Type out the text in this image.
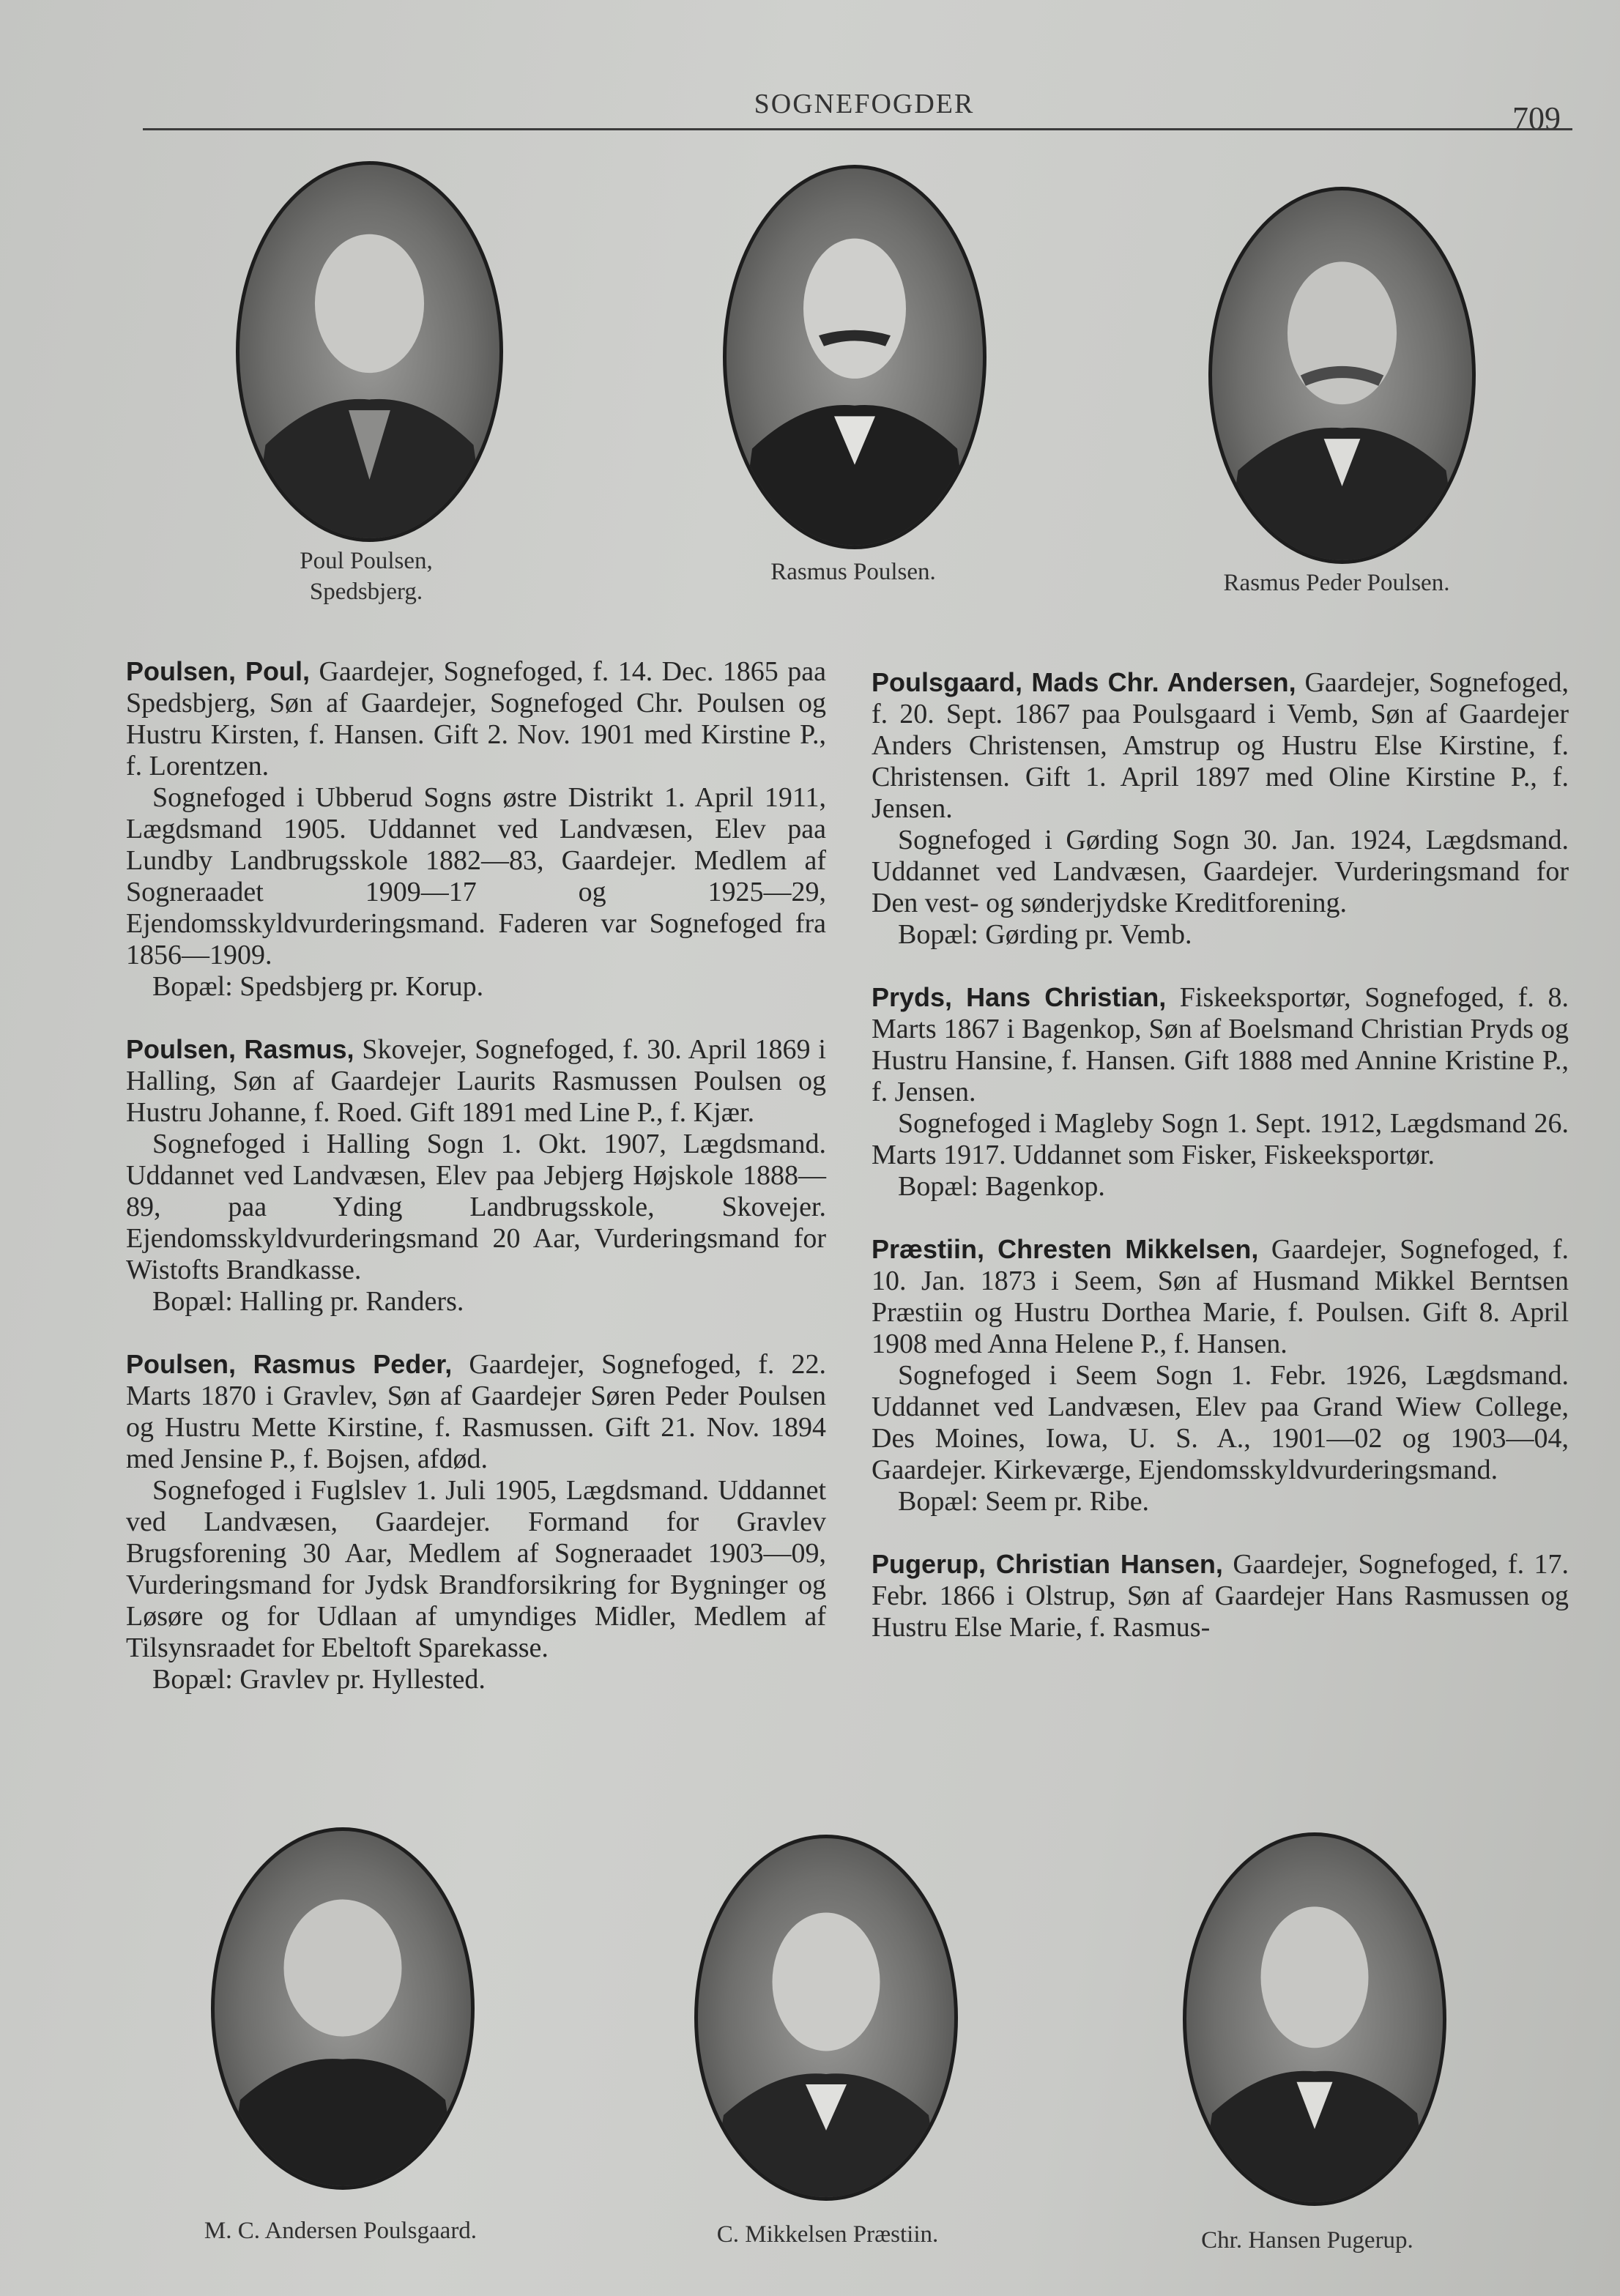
SOGNEFOGDER	709
Poul Poulsen,
Spedsbjerg.
Rasmus Poulsen.	Rasmus Peder Poulsen.

Poulsen, Poul, Gaardejer, Sognefoged, f. 14. Dec. 1865 paa Spedsbjerg, Søn af Gaardejer, Sognefoged Chr. Poulsen og Hustru Kirsten, f. Hansen. Gift 2. Nov. 1901 med Kirstine P., f. Lorentzen.

Sognefoged i Ubberud Sogns østre Distrikt 1. April 1911, Lægdsmand 1905. Uddannet ved Landvæsen, Elev paa Lundby Landbrugsskole 1882—83, Gaardejer. Medlem af Sogneraadet 1909—17 og 1925—29, Ejendomsskyldvurderingsmand. Faderen var Sognefoged fra 1856—1909.

Bopæl: Spedsbjerg pr. Korup.

Poulsen, Rasmus, Skovejer, Sognefoged, f. 30. April 1869 i Halling, Søn af Gaardejer Laurits Rasmussen Poulsen og Hustru Johanne, f. Roed. Gift 1891 med Line P., f. Kjær.

Sognefoged i Halling Sogn 1. Okt. 1907, Lægdsmand. Uddannet ved Landvæsen, Elev paa Jebjerg Højskole 1888—89, paa Yding Landbrugsskole, Skovejer. Ejendomsskyldvurderingsmand 20 Aar, Vurderingsmand for Wistofts Brandkasse.

Bopæl: Halling pr. Randers.

Poulsen, Rasmus Peder, Gaardejer, Sognefoged, f. 22. Marts 1870 i Gravlev, Søn af Gaardejer Søren Peder Poulsen og Hustru Mette Kirstine, f. Rasmussen. Gift 21. Nov. 1894 med Jensine P., f. Bojsen, afdød.

Sognefoged i Fuglslev 1. Juli 1905, Lægdsmand. Uddannet ved Landvæsen, Gaardejer. Formand for Gravlev Brugsforening 30 Aar, Medlem af Sogneraadet 1903—09, Vurderingsmand for Jydsk Brandforsikring for Bygninger og Løsøre og for Udlaan af umyndiges Midler, Medlem af Tilsynsraadet for Ebeltoft Sparekasse.

Bopæl: Gravlev pr. Hyllested.

Poulsgaard, Mads Chr. Andersen, Gaardejer, Sognefoged, f. 20. Sept. 1867 paa Poulsgaard i Vemb, Søn af Gaardejer Anders Christensen, Amstrup og Hustru Else Kirstine, f. Christensen. Gift 1. April 1897 med Oline Kirstine P., f. Jensen.

Sognefoged i Gørding Sogn 30. Jan. 1924, Lægdsmand. Uddannet ved Landvæsen, Gaardejer. Vurderingsmand for Den vest- og sønderjydske Kreditforening.

Bopæl: Gørding pr. Vemb.

Pryds, Hans Christian, Fiskeeksportør, Sognefoged, f. 8. Marts 1867 i Bagenkop, Søn af Boelsmand Christian Pryds og Hustru Hansine, f. Hansen. Gift 1888 med Annine Kristine P., f. Jensen.

Sognefoged i Magleby Sogn 1. Sept. 1912, Lægdsmand 26. Marts 1917. Uddannet som Fisker, Fiskeeksportør.

Bopæl: Bagenkop.

Præstiin, Chresten Mikkelsen, Gaardejer, Sognefoged, f. 10. Jan. 1873 i Seem, Søn af Husmand Mikkel Berntsen Præstiin og Hustru Dorthea Marie, f. Poulsen. Gift 8. April 1908 med Anna Helene P., f. Hansen.

Sognefoged i Seem Sogn 1. Febr. 1926, Lægdsmand. Uddannet ved Landvæsen, Elev paa Grand Wiew College, Des Moines, Iowa, U. S. A., 1901—02 og 1903—04, Gaardejer. Kirkeværge, Ejendomsskyldvurderingsmand.

Bopæl: Seem pr. Ribe.

Pugerup, Christian Hansen, Gaardejer, Sognefoged, f. 17. Febr. 1866 i Olstrup, Søn af Gaardejer Hans Rasmussen og Hustru Else Marie, f. Rasmus-

M. C. Andersen Poulsgaard.	C. Mikkelsen Præstiin.	Chr. Hansen Pugerup.
